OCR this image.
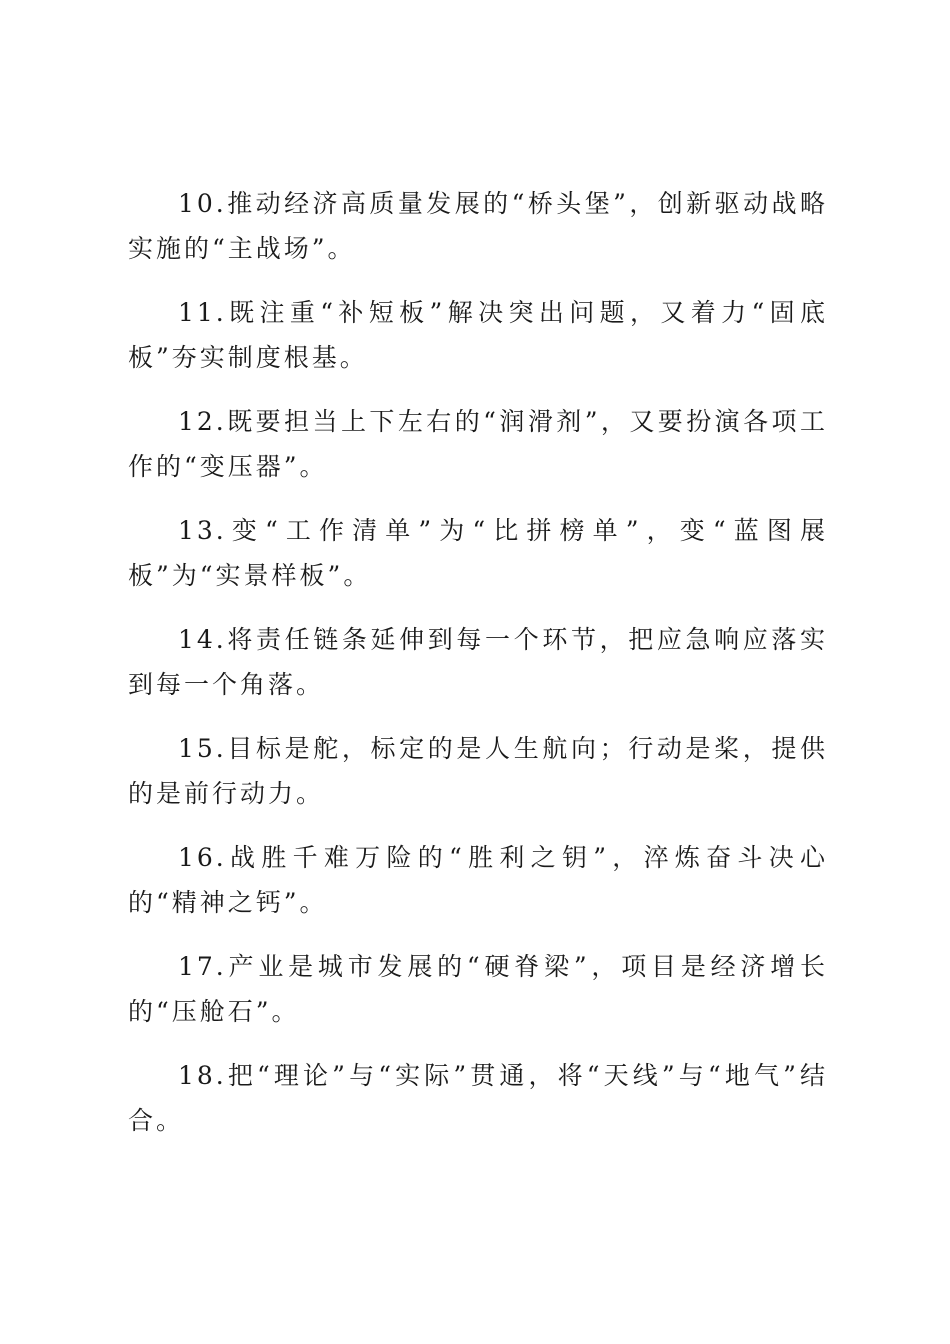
10.推动经济高质量发展的“桥头堡”，创新驱动战略实施的“主战场”。

11.既注重“补短板”解决突出问题，又着力“固底板”夯实制度根基。

12.既要担当上下左右的“润滑剂”，又要扮演各项工作的“变压器”。

13.变“工作清单”为“比拼榜单”，变“蓝图展板”为“实景样板”。

14.将责任链条延伸到每一个环节，把应急响应落实到每一个角落。

15.目标是舵，标定的是人生航向；行动是桨，提供的是前行动力。

16.战胜千难万险的“胜利之钥”，淬炼奋斗决心的“精神之钙”。

17.产业是城市发展的“硬脊梁”，项目是经济增长的“压舱石”。

18.把“理论”与“实际”贯通，将“天线”与“地气”结合。
